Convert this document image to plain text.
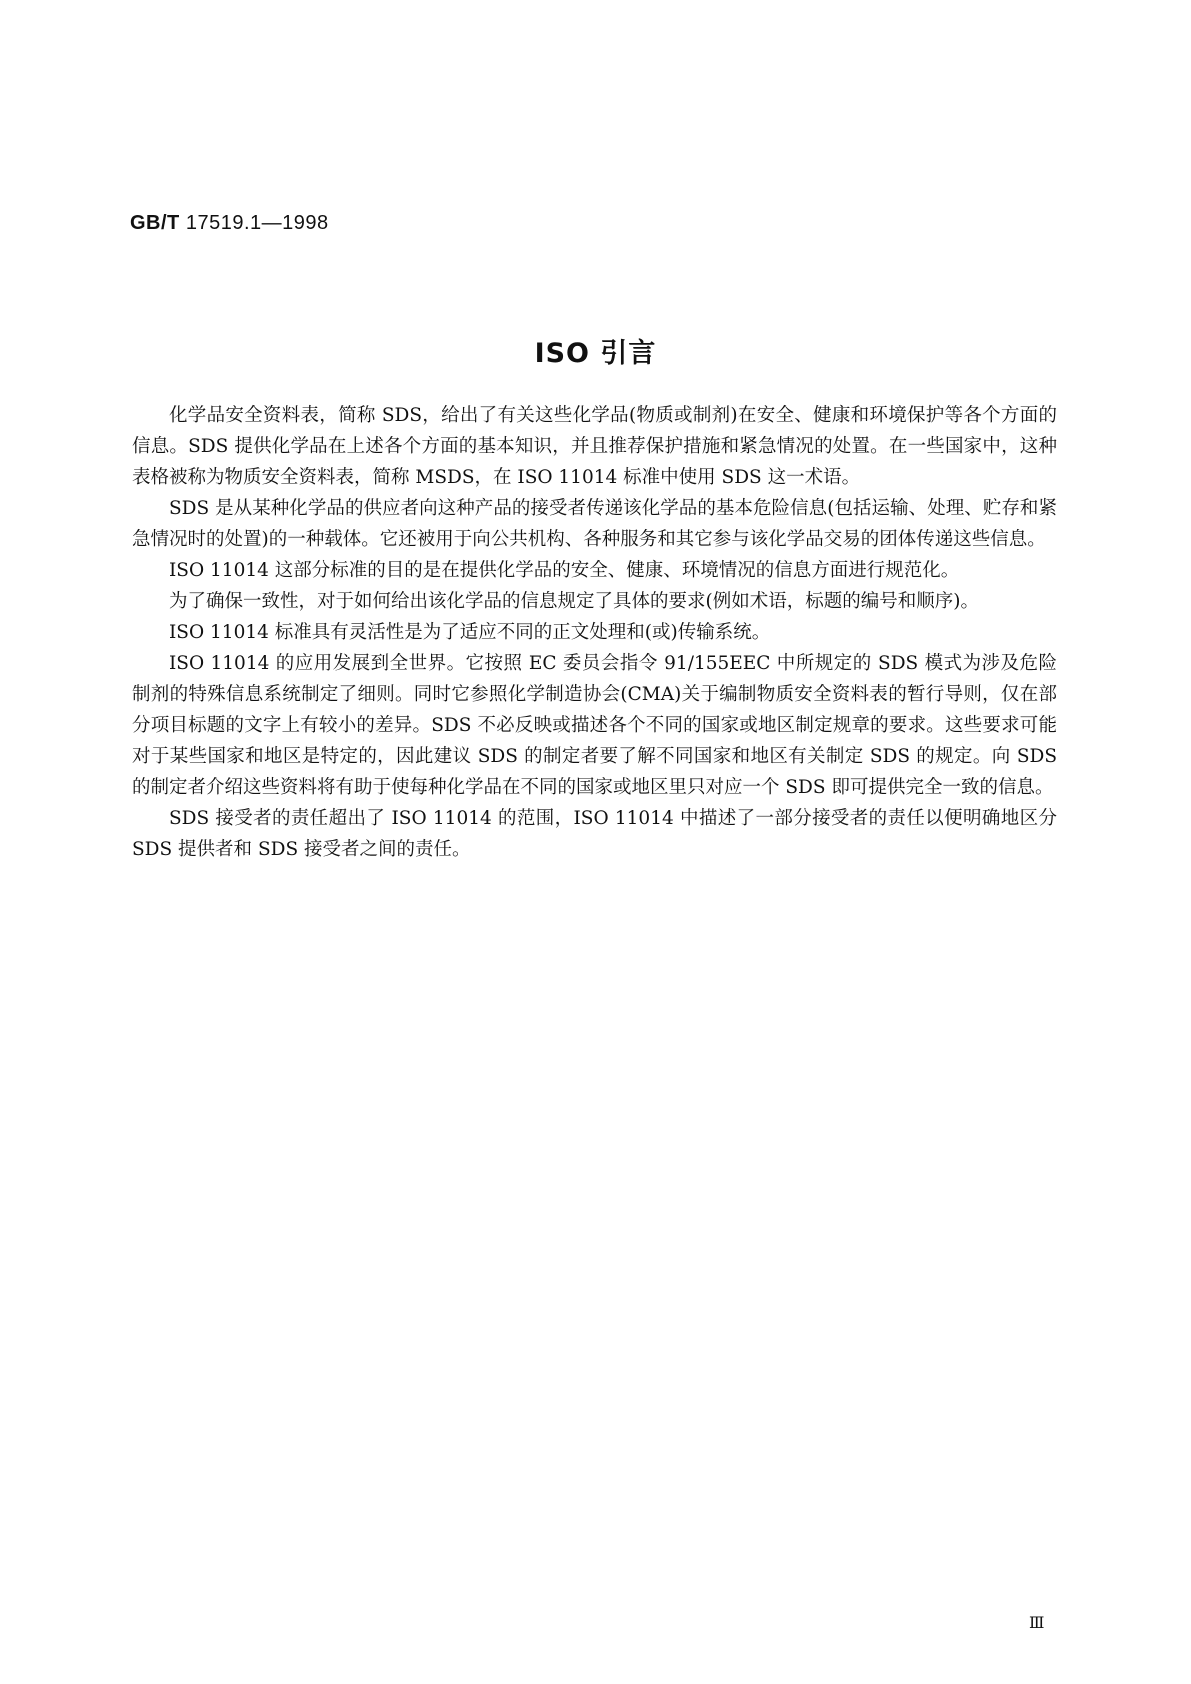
GB/T 17519.1—1998
ISO 引言

化学品安全资料表，简称 SDS，给出了有关这些化学品(物质或制剂)在安全、健康和环境保护等各个方面的信息。SDS 提供化学品在上述各个方面的基本知识，并且推荐保护措施和紧急情况的处置。在一些国家中，这种表格被称为物质安全资料表，简称 MSDS，在 ISO 11014 标准中使用 SDS 这一术语。

SDS 是从某种化学品的供应者向这种产品的接受者传递该化学品的基本危险信息(包括运输、处理、贮存和紧急情况时的处置)的一种载体。它还被用于向公共机构、各种服务和其它参与该化学品交易的团体传递这些信息。

ISO 11014 这部分标准的目的是在提供化学品的安全、健康、环境情况的信息方面进行规范化。

为了确保一致性，对于如何给出该化学品的信息规定了具体的要求(例如术语，标题的编号和顺序)。

ISO 11014 标准具有灵活性是为了适应不同的正文处理和(或)传输系统。

ISO 11014 的应用发展到全世界。它按照 EC 委员会指令 91/155EEC 中所规定的 SDS 模式为涉及危险制剂的特殊信息系统制定了细则。同时它参照化学制造协会(CMA)关于编制物质安全资料表的暂行导则，仅在部分项目标题的文字上有较小的差异。SDS 不必反映或描述各个不同的国家或地区制定规章的要求。这些要求可能对于某些国家和地区是特定的，因此建议 SDS 的制定者要了解不同国家和地区有关制定 SDS 的规定。向 SDS 的制定者介绍这些资料将有助于使每种化学品在不同的国家或地区里只对应一个 SDS 即可提供完全一致的信息。

SDS 接受者的责任超出了 ISO 11014 的范围，ISO 11014 中描述了一部分接受者的责任以便明确地区分 SDS 提供者和 SDS 接受者之间的责任。

Ⅲ
